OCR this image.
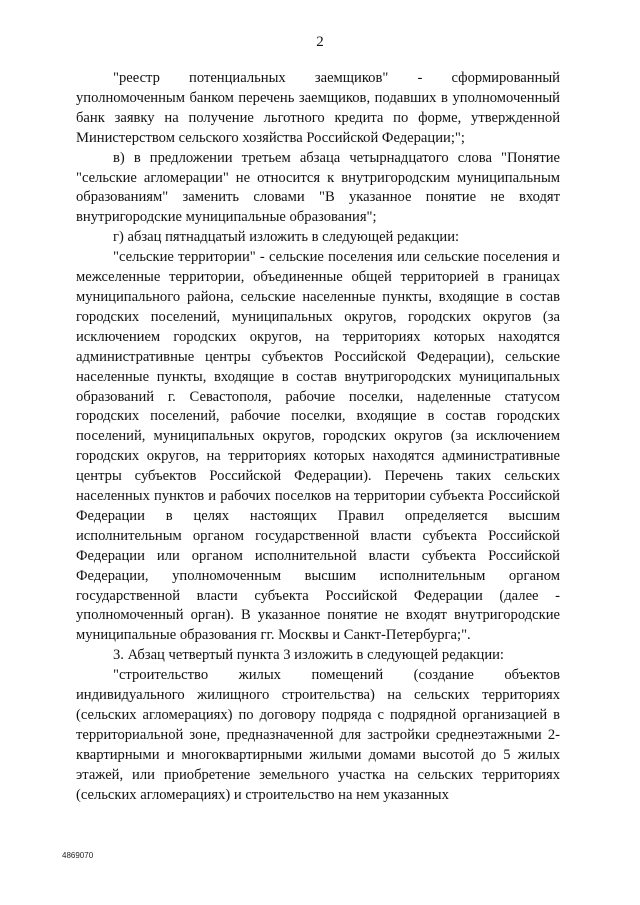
2

"реестр потенциальных заемщиков" - сформированный уполномоченным банком перечень заемщиков, подавших в уполномоченный банк заявку на получение льготного кредита по форме, утвержденной Министерством сельского хозяйства Российской Федерации;";

в) в предложении третьем абзаца четырнадцатого слова "Понятие "сельские агломерации" не относится к внутригородским муниципальным образованиям" заменить словами "В указанное понятие не входят внутригородские муниципальные образования";

г) абзац пятнадцатый изложить в следующей редакции:

"сельские территории" - сельские поселения или сельские поселения и межселенные территории, объединенные общей территорией в границах муниципального района, сельские населенные пункты, входящие в состав городских поселений, муниципальных округов, городских округов (за исключением городских округов, на территориях которых находятся административные центры субъектов Российской Федерации), сельские населенные пункты, входящие в состав внутригородских муниципальных образований г. Севастополя, рабочие поселки, наделенные статусом городских поселений, рабочие поселки, входящие в состав городских поселений, муниципальных округов, городских округов (за исключением городских округов, на территориях которых находятся административные центры субъектов Российской Федерации). Перечень таких сельских населенных пунктов и рабочих поселков на территории субъекта Российской Федерации в целях настоящих Правил определяется высшим исполнительным органом государственной власти субъекта Российской Федерации или органом исполнительной власти субъекта Российской Федерации, уполномоченным высшим исполнительным органом государственной власти субъекта Российской Федерации (далее - уполномоченный орган). В указанное понятие не входят внутригородские муниципальные образования гг. Москвы и Санкт-Петербурга;".

3. Абзац четвертый пункта 3 изложить в следующей редакции:

"строительство жилых помещений (создание объектов индивидуального жилищного строительства) на сельских территориях (сельских агломерациях) по договору подряда с подрядной организацией в территориальной зоне, предназначенной для застройки среднеэтажными 2-квартирными и многоквартирными жилыми домами высотой до 5 жилых этажей, или приобретение земельного участка на сельских территориях (сельских агломерациях) и строительство на нем указанных

4869070
